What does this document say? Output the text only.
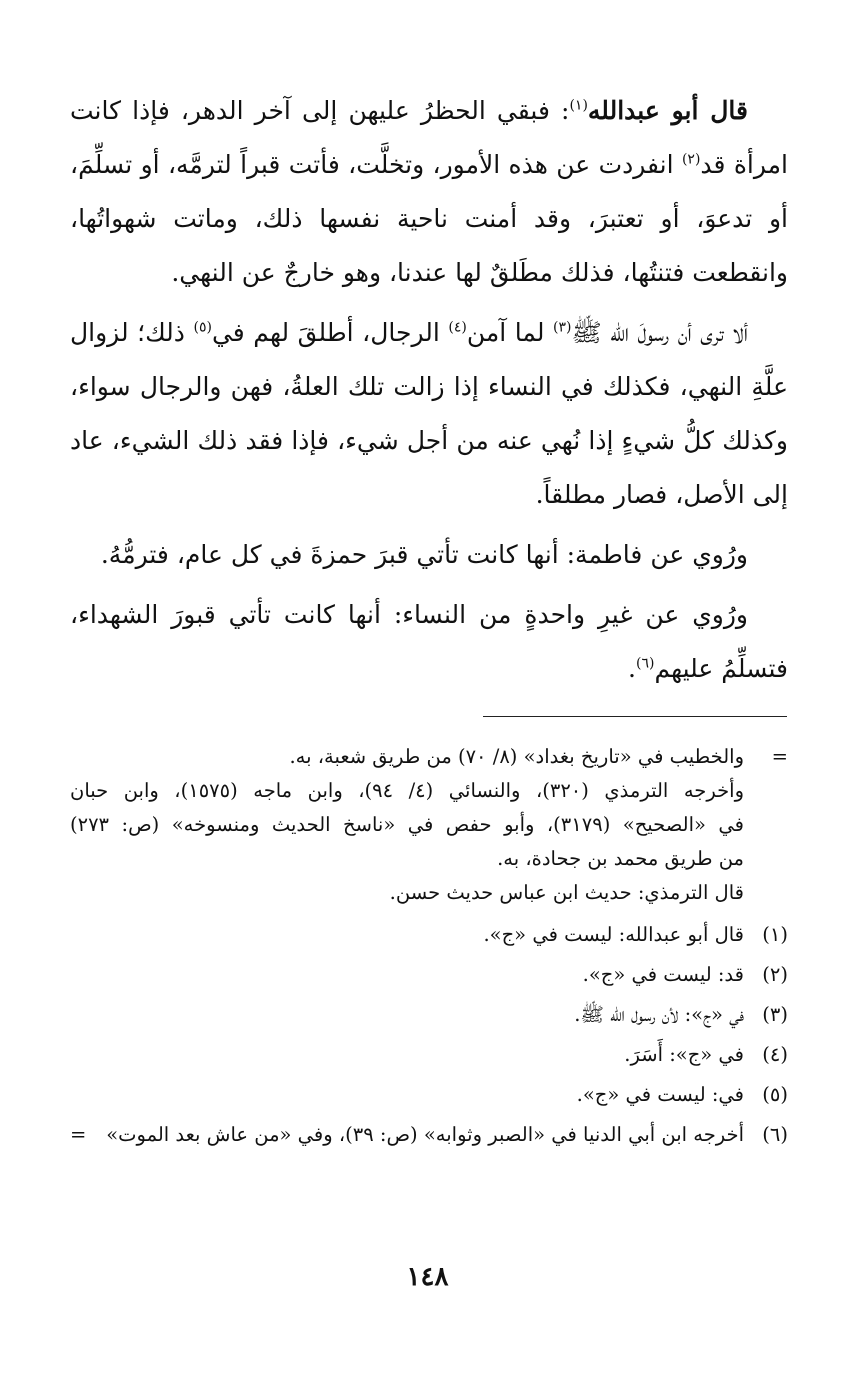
قال أبو عبدالله$^{(١)}$: فبقي الحظرُ عليهن إلى آخر الدهر، فإذا كانت امرأة قد$^{(٢)}$ انفردت عن هذه الأمور، وتخلَّت، فأتت قبراً لترمَّه، أو تسلِّمَ، أو تدعوَ، أو تعتبرَ، وقد أمنت ناحية نفسها ذلك، وماتت شهواتُها، وانقطعت فتنتُها، فذلك مطَلقٌ لها عندنا، وهو خارجٌ عن النهي.

ألا ترى أن رسولَ الله ﷺ$^{(٣)}$ لما آمن$^{(٤)}$ الرجال، أطلقَ لهم في$^{(٥)}$ ذلك؛ لزوال علَّةِ النهي، فكذلك في النساء إذا زالت تلك العلةُ، فهن والرجال سواء، وكذلك كلُّ شيءٍ إذا نُهي عنه من أجل شيء، فإذا فقد ذلك الشيء، عاد إلى الأصل، فصار مطلقاً.

ورُوي عن فاطمة: أنها كانت تأتي قبرَ حمزةَ في كل عام، فترمُّهُ.

ورُوي عن غيرِ واحدةٍ من النساء: أنها كانت تأتي قبورَ الشهداء، فتسلِّمُ عليهم$^{(٦)}$.

=والخطيب في «تاريخ بغداد» (٨/ ٧٠) من طريق شعبة، به.
وأخرجه الترمذي (٣٢٠)، والنسائي (٤/ ٩٤)، وابن ماجه (١٥٧٥)، وابن حبان
في «الصحيح» (٣١٧٩)، وأبو حفص في «ناسخ الحديث ومنسوخه» (ص: ٢٧٣)
من طريق محمد بن جحادة، به.
قال الترمذي: حديث ابن عباس حديث حسن.
(١)
قال أبو عبدالله: ليست في «ج».
(٢)
قد: ليست في «ج».
(٣)
في «ج»: لأن رسول الله ﷺ.
(٤)
في «ج»: أَسَرَ.
(٥)
في: ليست في «ج».
(٦)
أخرجه ابن أبي الدنيا في «الصبر وثوابه» (ص: ٣٩)، وفي «من عاش بعد الموت»
=
١٤٨
